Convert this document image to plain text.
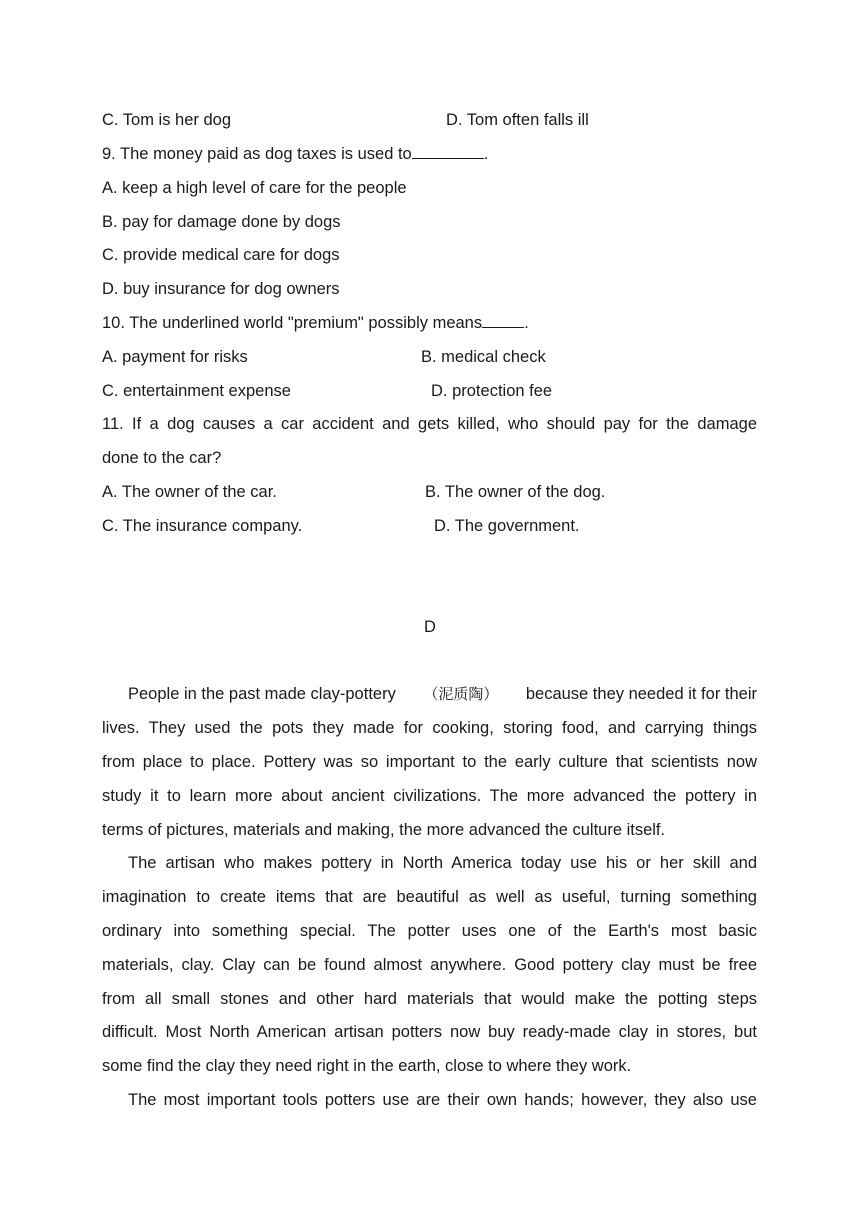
C. Tom is her dog	D. Tom often falls ill
9. The money paid as dog taxes is used to	.
A. keep a high level of care for the people
B. pay for damage done by dogs
C. provide medical care for dogs
D. buy insurance for dog owners
10. The underlined world "premium" possibly means	.
A. payment for risks	B. medical check
C. entertainment expense	D. protection fee
11. If a dog causes a car accident and gets killed, who should pay for the damage
done to the car?
A. The owner of the car.	B. The owner of the dog.
C. The insurance company.	D. The government.
D
People in the past made clay-pottery （泥质陶） because they needed it for their
lives. They used the pots they made for cooking, storing food, and carrying things
from place to place. Pottery was so important to the early culture that scientists now
study it to learn more about ancient civilizations. The more advanced the pottery in
terms of pictures, materials and making, the more advanced the culture itself.
The artisan who makes pottery in North America today use his or her skill and
imagination to create items that are beautiful as well as useful, turning something
ordinary into something special. The potter uses one of the Earth's most basic
materials, clay. Clay can be found almost anywhere. Good pottery clay must be free
from all small stones and other hard materials that would make the potting steps
difficult. Most North American artisan potters now buy ready-made clay in stores, but
some find the clay they need right in the earth, close to where they work.
The most important tools potters use are their own hands; however, they also use
